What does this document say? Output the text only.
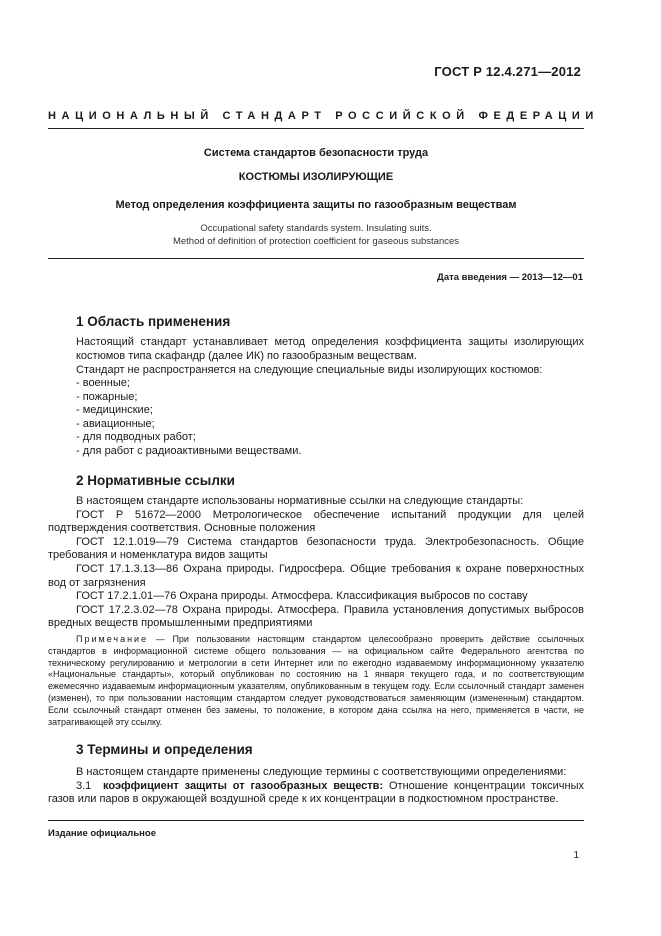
ГОСТ Р 12.4.271—2012
НАЦИОНАЛЬНЫЙ СТАНДАРТ РОССИЙСКОЙ ФЕДЕРАЦИИ
Система стандартов безопасности труда
КОСТЮМЫ ИЗОЛИРУЮЩИЕ
Метод определения коэффициента защиты по газообразным веществам
Occupational safety standards system. Insulating suits.
Method of definition of protection coefficient for gaseous substances
Дата введения — 2013—12—01
1 Область применения
Настоящий стандарт устанавливает метод определения коэффициента защиты изолирующих костюмов типа скафандр (далее ИК) по газообразным веществам.
Стандарт не распространяется на следующие специальные виды изолирующих костюмов:
- военные;
- пожарные;
- медицинские;
- авиационные;
- для подводных работ;
- для работ с радиоактивными веществами.
2 Нормативные ссылки
В настоящем стандарте использованы нормативные ссылки на следующие стандарты:
ГОСТ Р 51672—2000 Метрологическое обеспечение испытаний продукции для целей подтверждения соответствия. Основные положения
ГОСТ 12.1.019—79 Система стандартов безопасности труда. Электробезопасность. Общие требования и номенклатура видов защиты
ГОСТ 17.1.3.13—86 Охрана природы. Гидросфера. Общие требования к охране поверхностных вод от загрязнения
ГОСТ 17.2.1.01—76 Охрана природы. Атмосфера. Классификация выбросов по составу
ГОСТ 17.2.3.02—78 Охрана природы. Атмосфера. Правила установления допустимых выбросов вредных веществ промышленными предприятиями
Примечание — При пользовании настоящим стандартом целесообразно проверить действие ссылочных стандартов в информационной системе общего пользования — на официальном сайте Федерального агентства по техническому регулированию и метрологии в сети Интернет или по ежегодно издаваемому информационному указателю «Национальные стандарты», который опубликован по состоянию на 1 января текущего года, и по соответствующим ежемесячно издаваемым информационным указателям, опубликованным в текущем году. Если ссылочный стандарт заменен (изменен), то при пользовании настоящим стандартом следует руководствоваться заменяющим (измененным) стандартом. Если ссылочный стандарт отменен без замены, то положение, в котором дана ссылка на него, применяется в части, не затрагивающей эту ссылку.
3 Термины и определения
В настоящем стандарте применены следующие термины с соответствующими определениями:
3.1 коэффициент защиты от газообразных веществ: Отношение концентрации токсичных газов или паров в окружающей воздушной среде к их концентрации в подкостюмном пространстве.
Издание официальное
1
